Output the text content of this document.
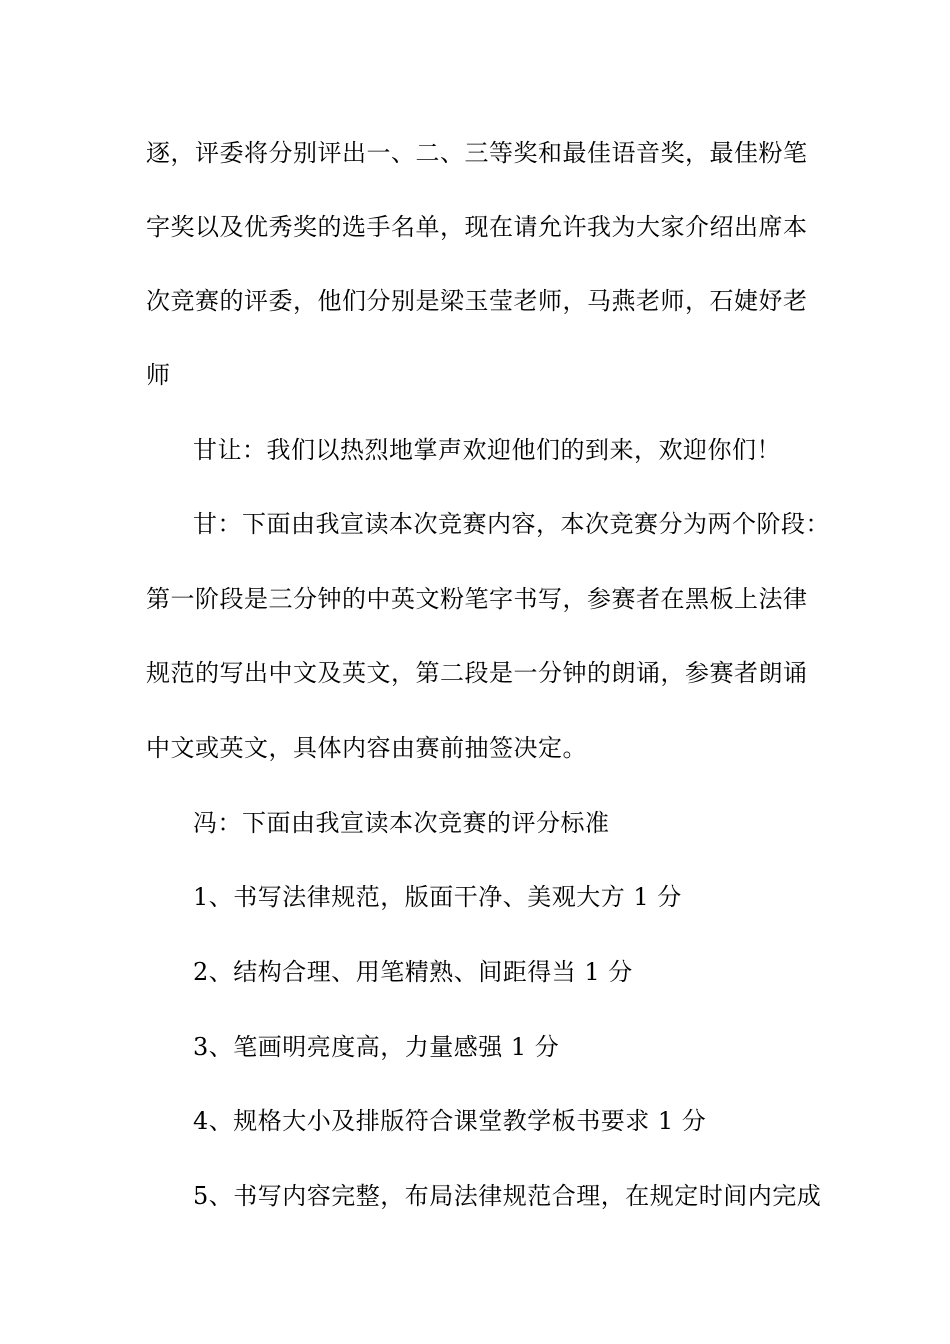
逐，评委将分别评出一、二、三等奖和最佳语音奖，最佳粉笔
字奖以及优秀奖的选手名单，现在请允许我为大家介绍出席本
次竞赛的评委，他们分别是梁玉莹老师，马燕老师，石婕妤老
师
甘让：我们以热烈地掌声欢迎他们的到来，欢迎你们！
甘：下面由我宣读本次竞赛内容，本次竞赛分为两个阶段：
第一阶段是三分钟的中英文粉笔字书写，参赛者在黑板上法律
规范的写出中文及英文，第二段是一分钟的朗诵，参赛者朗诵
中文或英文，具体内容由赛前抽签决定。
冯：下面由我宣读本次竞赛的评分标准
1、书写法律规范，版面干净、美观大方 1 分
2、结构合理、用笔精熟、间距得当 1 分
3、笔画明亮度高，力量感强 1 分
4、规格大小及排版符合课堂教学板书要求 1 分
5、书写内容完整，布局法律规范合理，在规定时间内完成
